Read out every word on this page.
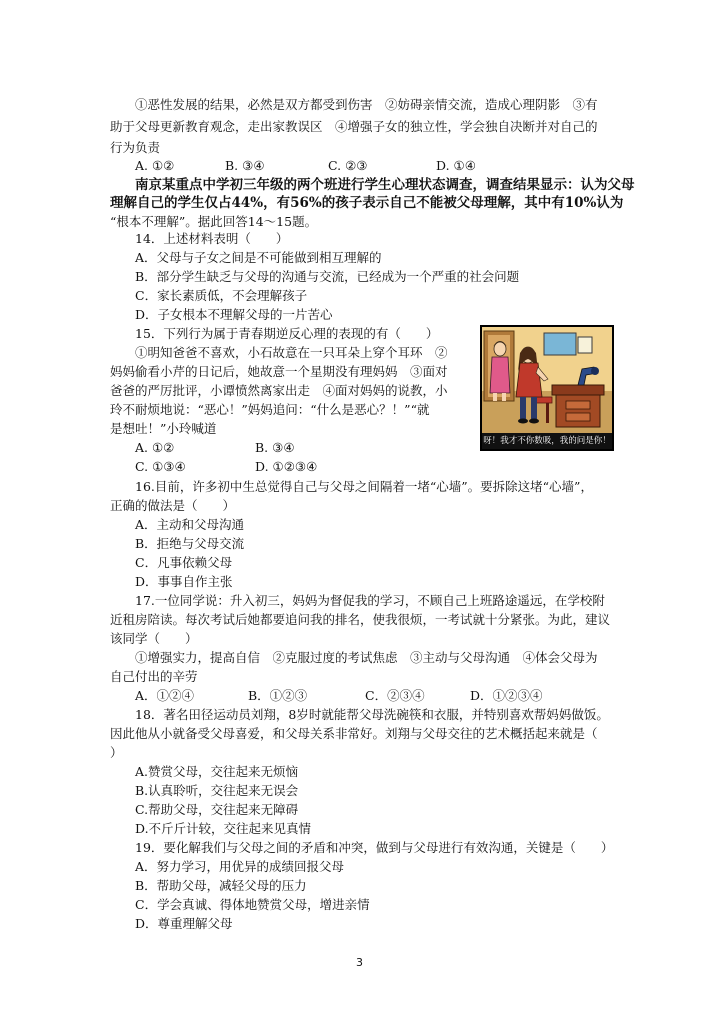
①恶性发展的结果，必然是双方都受到伤害　②妨碍亲情交流，造成心理阴影　③有
助于父母更新教育观念，走出家教误区　④增强子女的独立性，学会独自决断并对自己的
行为负责
A. ①②	B. ③④	C. ②③	D. ①④
南京某重点中学初三年级的两个班进行学生心理状态调查，调查结果显示：认为父母
理解自己的学生仅占44%，有56%的孩子表示自己不能被父母理解，其中有10%认为
“根本不理解”。据此回答14～15题。
14．上述材料表明（　　）
A．父母与子女之间是不可能做到相互理解的
B．部分学生缺乏与父母的沟通与交流，已经成为一个严重的社会问题
C．家长素质低，不会理解孩子
D．子女根本不理解父母的一片苦心
15．下列行为属于青春期逆反心理的表现的有（　　）
①明知爸爸不喜欢，小石故意在一只耳朵上穿个耳环　②
妈妈偷看小芹的日记后，她故意一个星期没有理妈妈　③面对
爸爸的严厉批评，小谭愤然离家出走　④面对妈妈的说教，小
玲不耐烦地说：“恶心！”妈妈追问：“什么是恶心？！”“就
是想吐！”小玲喊道
A. ①②	B. ③④
C. ①③④	D. ①②③④
呀！我才不你数吸，我的问是你！
16.目前，许多初中生总觉得自己与父母之间隔着一堵“心墙”。要拆除这堵“心墙”，
正确的做法是（　　）
A．主动和父母沟通
B．拒绝与父母交流
C．凡事依赖父母
D．事事自作主张
17.一位同学说：升入初三，妈妈为督促我的学习，不顾自己上班路途遥远，在学校附
近租房陪读。每次考试后她都要追问我的排名，使我很烦，一考试就十分紧张。为此，建议
该同学（　　）
①增强实力，提高自信　②克服过度的考试焦虑　③主动与父母沟通　④体会父母为
自己付出的辛劳
A．①②④	B．①②③	C．②③④	D．①②③④
18．著名田径运动员刘翔，8岁时就能帮父母洗碗筷和衣服，并特别喜欢帮妈妈做饭。
因此他从小就备受父母喜爱，和父母关系非常好。刘翔与父母交往的艺术概括起来就是（
）
A.赞赏父母，交往起来无烦恼
B.认真聆听，交往起来无误会
C.帮助父母，交往起来无障碍
D.不斤斤计较，交往起来见真情
19．要化解我们与父母之间的矛盾和冲突，做到与父母进行有效沟通，关键是（　　）
A．努力学习，用优异的成绩回报父母
B．帮助父母，减轻父母的压力
C．学会真诚、得体地赞赏父母，增进亲情
D．尊重理解父母
3
